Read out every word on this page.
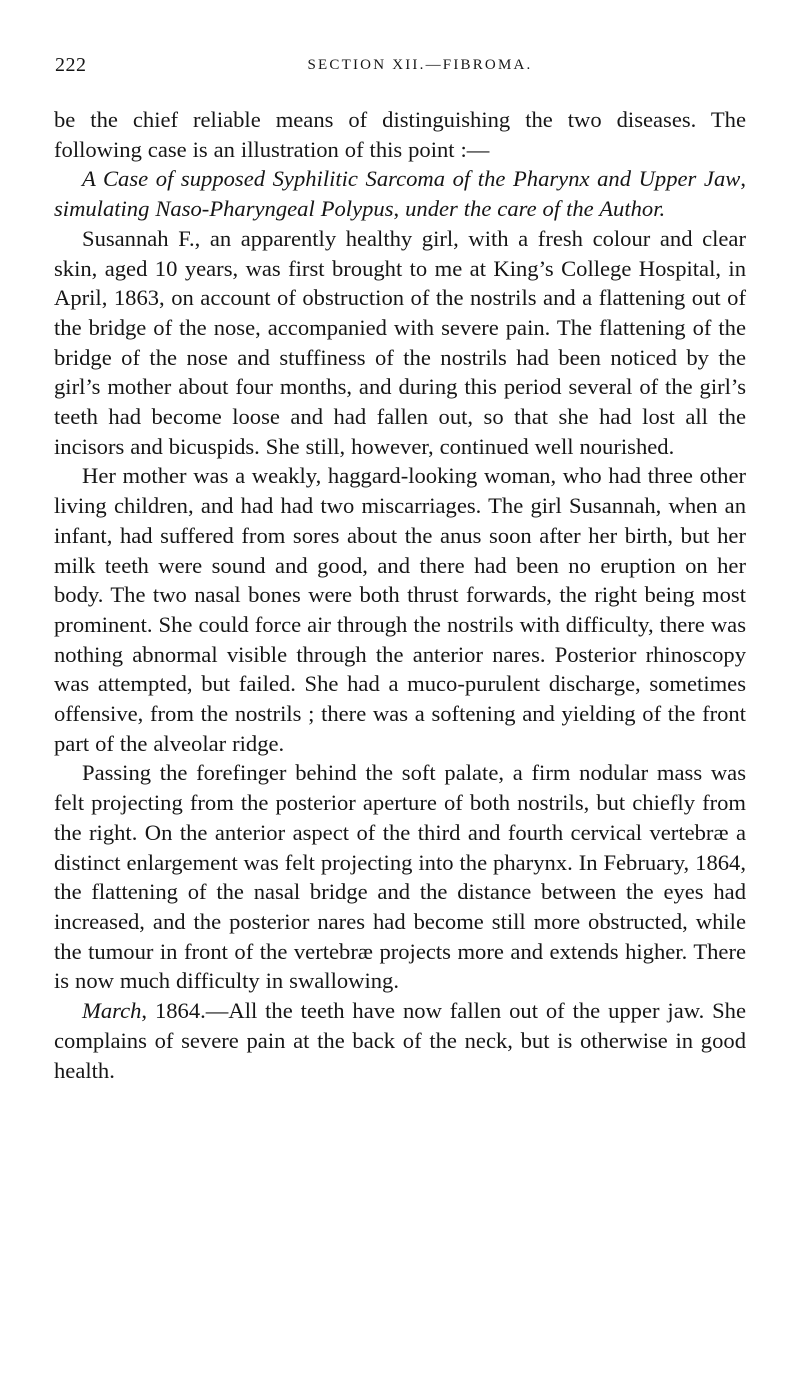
222	SECTION XII.—FIBROMA.

be the chief reliable means of distinguishing the two diseases. The following case is an illustration of this point :—

A Case of supposed Syphilitic Sarcoma of the Pharynx and Upper Jaw, simulating Naso-Pharyngeal Polypus, under the care of the Author.

Susannah F., an apparently healthy girl, with a fresh colour and clear skin, aged 10 years, was first brought to me at King’s College Hospital, in April, 1863, on account of obstruction of the nostrils and a flattening out of the bridge of the nose, accompanied with severe pain. The flattening of the bridge of the nose and stuffiness of the nostrils had been noticed by the girl’s mother about four months, and during this period several of the girl’s teeth had become loose and had fallen out, so that she had lost all the incisors and bicuspids. She still, however, continued well nourished.

Her mother was a weakly, haggard-looking woman, who had three other living children, and had had two miscarriages. The girl Susannah, when an infant, had suffered from sores about the anus soon after her birth, but her milk teeth were sound and good, and there had been no eruption on her body. The two nasal bones were both thrust forwards, the right being most prominent. She could force air through the nostrils with difficulty, there was nothing abnormal visible through the anterior nares. Posterior rhinoscopy was attempted, but failed. She had a muco-purulent discharge, sometimes offensive, from the nostrils ; there was a softening and yielding of the front part of the alveolar ridge.

Passing the forefinger behind the soft palate, a firm nodular mass was felt projecting from the posterior aperture of both nostrils, but chiefly from the right. On the anterior aspect of the third and fourth cervical vertebræ a distinct enlargement was felt projecting into the pharynx. In February, 1864, the flattening of the nasal bridge and the distance between the eyes had increased, and the posterior nares had become still more obstructed, while the tumour in front of the vertebræ projects more and extends higher. There is now much difficulty in swallowing.

March, 1864.—All the teeth have now fallen out of the upper jaw. She complains of severe pain at the back of the neck, but is otherwise in good health.
